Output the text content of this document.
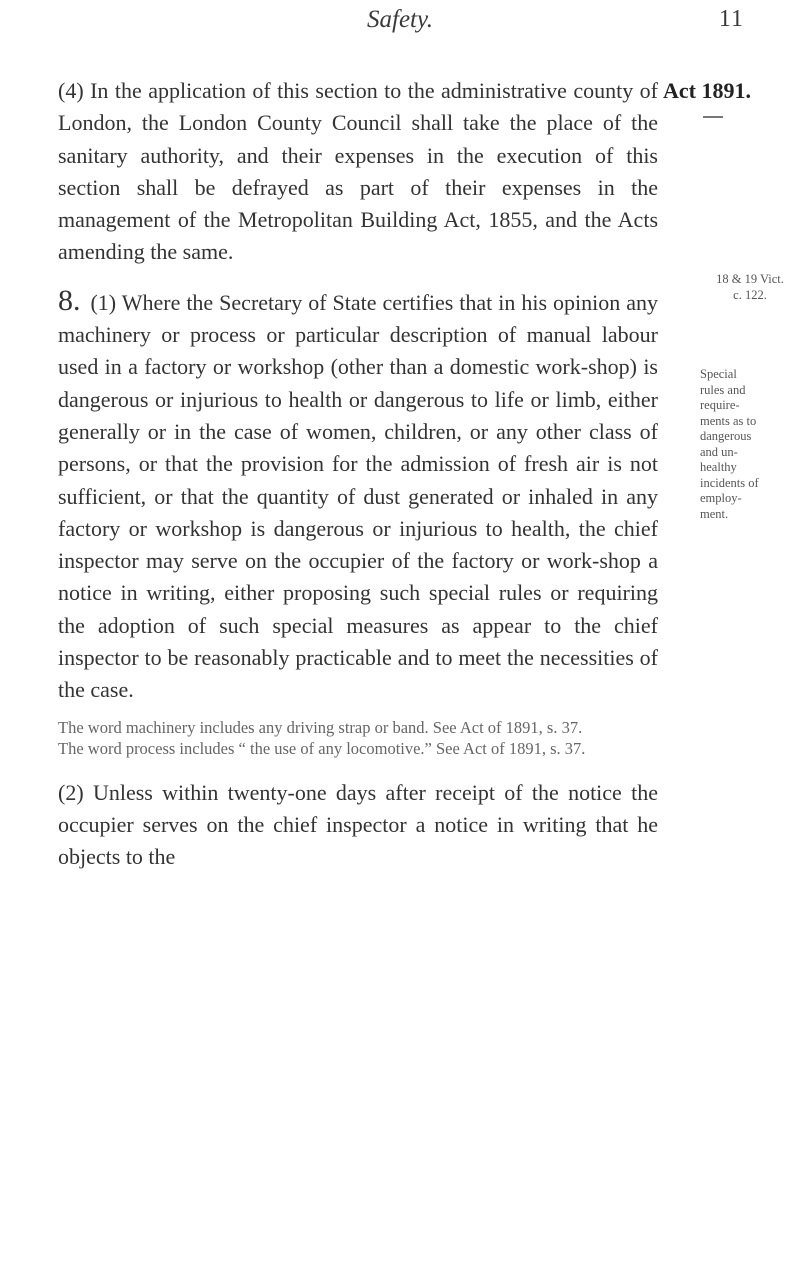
Safety.	11
Act 1891.
18 & 19 Vict.
c. 122.
Special
rules and
require-
ments as to
dangerous
and un-
healthy
incidents of
employ-
ment.

(4) In the application of this section to the administrative county of London, the London County Council shall take the place of the sanitary authority, and their expenses in the execution of this section shall be defrayed as part of their expenses in the management of the Metropolitan Building Act, 1855, and the Acts amending the same.

8. (1) Where the Secretary of State certifies that in his opinion any machinery or process or particular description of manual labour used in a factory or workshop (other than a domestic work-shop) is dangerous or injurious to health or dangerous to life or limb, either generally or in the case of women, children, or any other class of persons, or that the provision for the admission of fresh air is not sufficient, or that the quantity of dust generated or inhaled in any factory or workshop is dangerous or injurious to health, the chief inspector may serve on the occupier of the factory or work-shop a notice in writing, either proposing such special rules or requiring the adoption of such special measures as appear to the chief inspector to be reasonably practicable and to meet the necessities of the case.

The word machinery includes any driving strap or band. See Act of 1891, s. 37.

The word process includes “ the use of any locomotive.” See Act of 1891, s. 37.

(2) Unless within twenty-one days after receipt of the notice the occupier serves on the chief inspector a notice in writing that he objects to the
